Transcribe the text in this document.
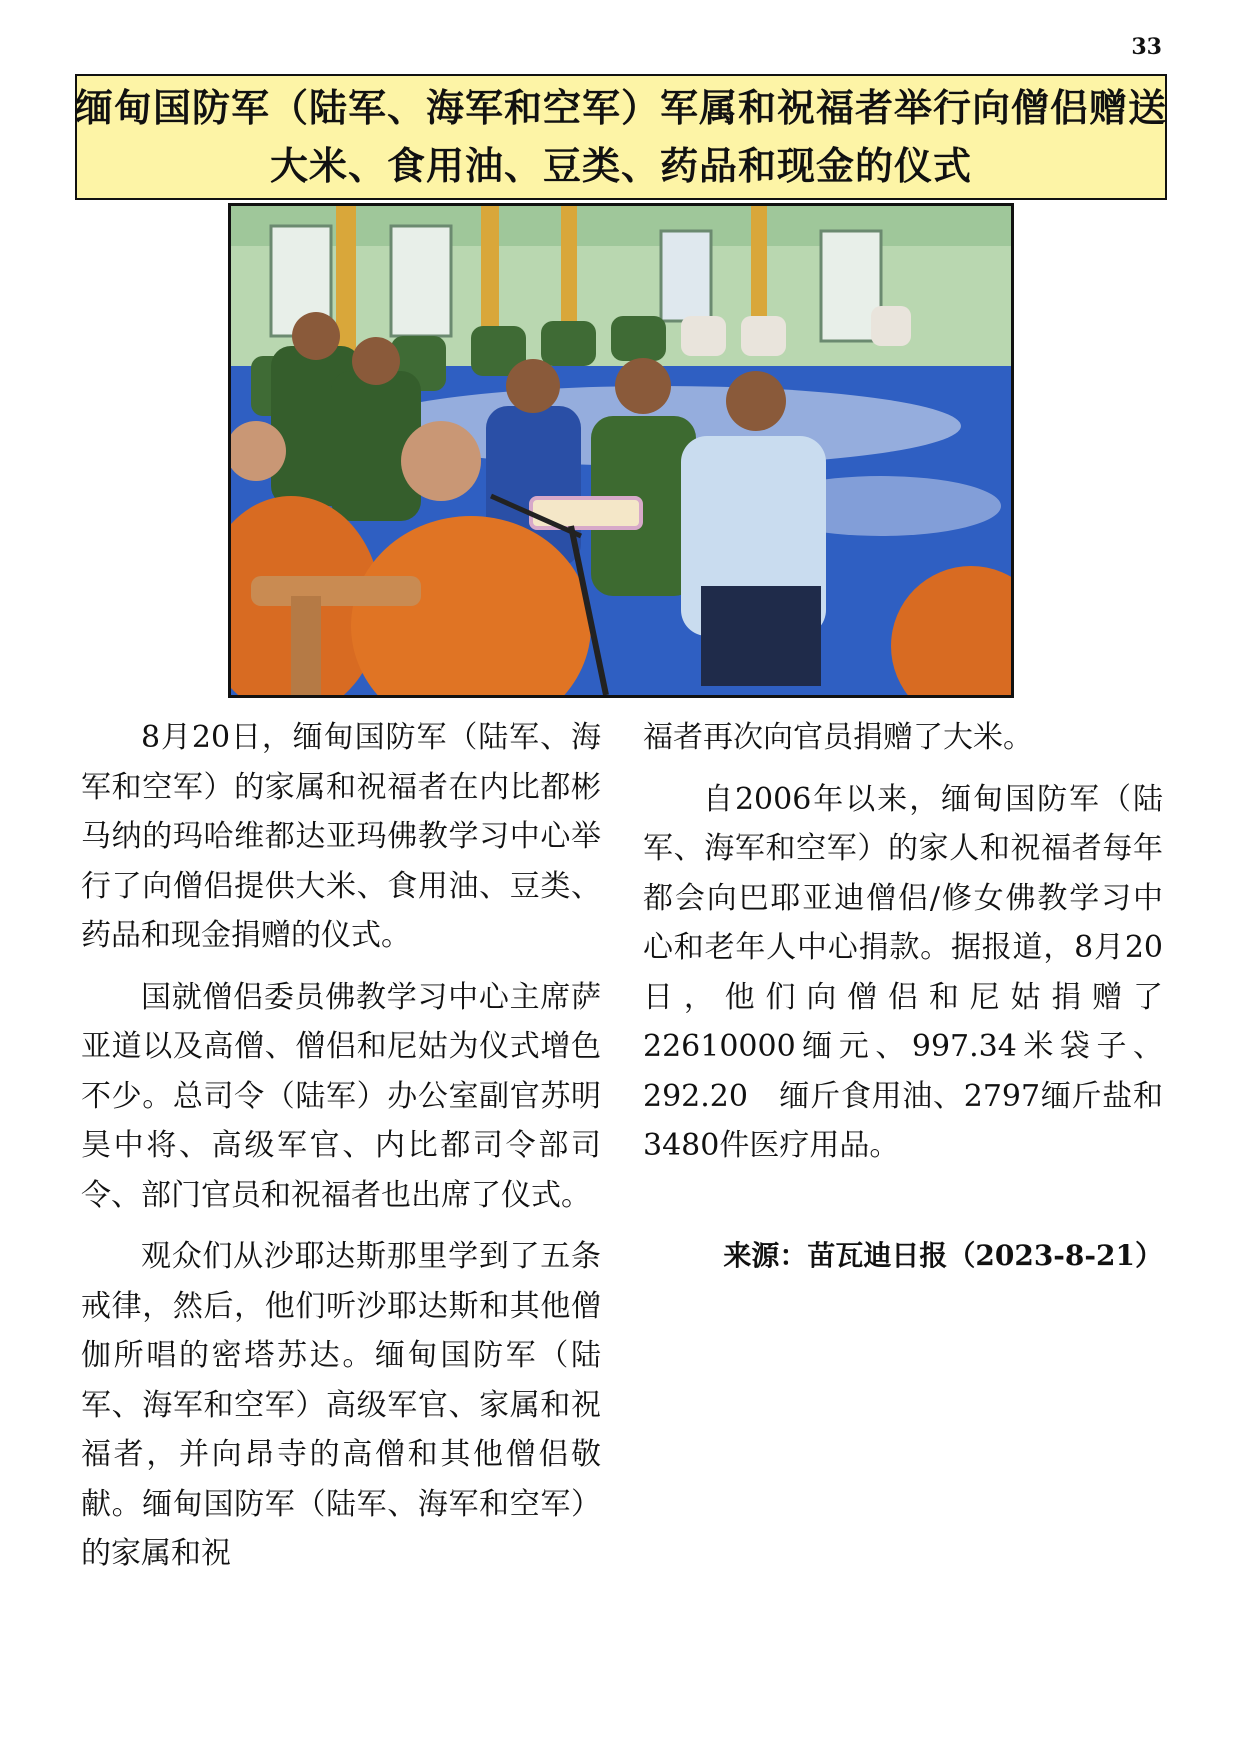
33
缅甸国防军（陆军、海军和空军）军属和祝福者举行向僧侣赠送
大米、食用油、豆类、药品和现金的仪式

8月20日，缅甸国防军（陆军、海军和空军）的家属和祝福者在内比都彬马纳的玛哈维都达亚玛佛教学习中心举行了向僧侣提供大米、食用油、豆类、药品和现金捐赠的仪式。

国就僧侣委员佛教学习中心主席萨亚道以及高僧、僧侣和尼姑为仪式增色不少。总司令（陆军）办公室副官苏明昊中将、高级军官、内比都司令部司令、部门官员和祝福者也出席了仪式。

观众们从沙耶达斯那里学到了五条戒律，然后，他们听沙耶达斯和其他僧伽所唱的密塔苏达。缅甸国防军（陆军、海军和空军）高级军官、家属和祝福者，并向昂寺的高僧和其他僧侣敬献。缅甸国防军（陆军、海军和空军）的家属和祝

福者再次向官员捐赠了大米。

自2006年以来，缅甸国防军（陆军、海军和空军）的家人和祝福者每年都会向巴耶亚迪僧侣/修女佛教学习中心和老年人中心捐款。据报道，8月20日，他们向僧侣和尼姑捐赠了22610000缅元、997.34米袋子、292.20　缅斤食用油、2797缅斤盐和3480件医疗用品。

来源：苗瓦迪日报（2023-8-21）
